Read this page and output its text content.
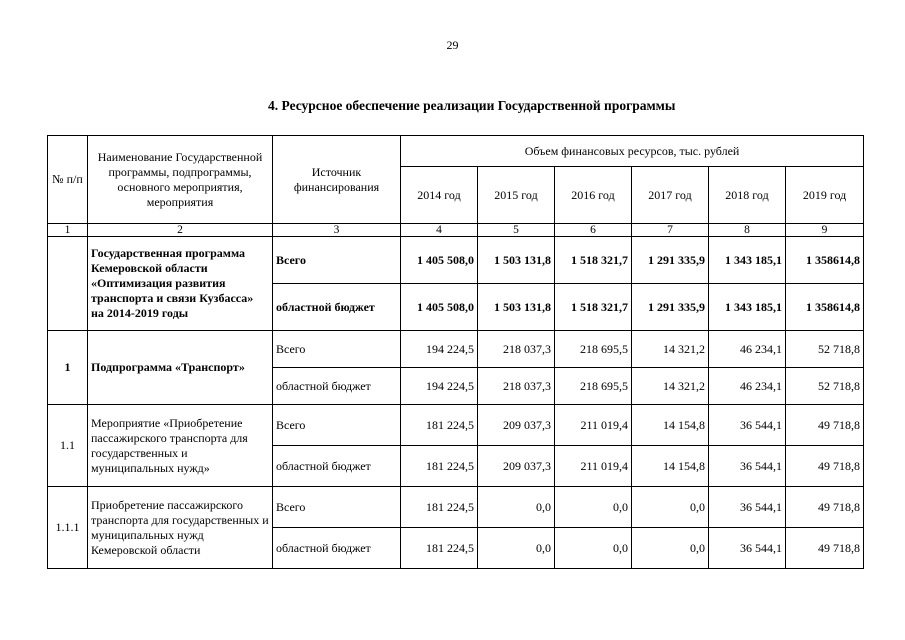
29
4. Ресурсное обеспечение реализации Государственной программы
№ п/п	Наименование Государственной программы, подпрограммы, основного мероприятия, мероприятия	Источник финансирования	Объем финансовых ресурсов, тыс. рублей					
			2014 год	2015 год	2016 год	2017 год	2018 год	2019 год
1	2	3	4	5	6	7	8	9

	Государственная программа Кемеровской области «Оптимизация развития транспорта и связи Кузбасса» на 2014-2019 годы	Всего	1 405 508,0	1 503 131,8	1 518 321,7	1 291 335,9	1 343 185,1	1 358614,8

		областной бюджет	1 405 508,0	1 503 131,8	1 518 321,7	1 291 335,9	1 343 185,1	1 358614,8
1	Подпрограмма «Транспорт»	Всего	194 224,5	218 037,3	218 695,5	14 321,2	46 234,1	52 718,8
		областной бюджет	194 224,5	218 037,3	218 695,5	14 321,2	46 234,1	52 718,8
1.1	Мероприятие «Приобретение пассажирского транспорта для государственных и муниципальных нужд»	Всего	181 224,5	209 037,3	211 019,4	14 154,8	36 544,1	49 718,8
		областной бюджет	181 224,5	209 037,3	211 019,4	14 154,8	36 544,1	49 718,8
1.1.1	Приобретение пассажирского транспорта для государственных и муниципальных нужд Кемеровской области	Всего	181 224,5	0,0	0,0	0,0	36 544,1	49 718,8
		областной бюджет	181 224,5	0,0	0,0	0,0	36 544,1	49 718,8
